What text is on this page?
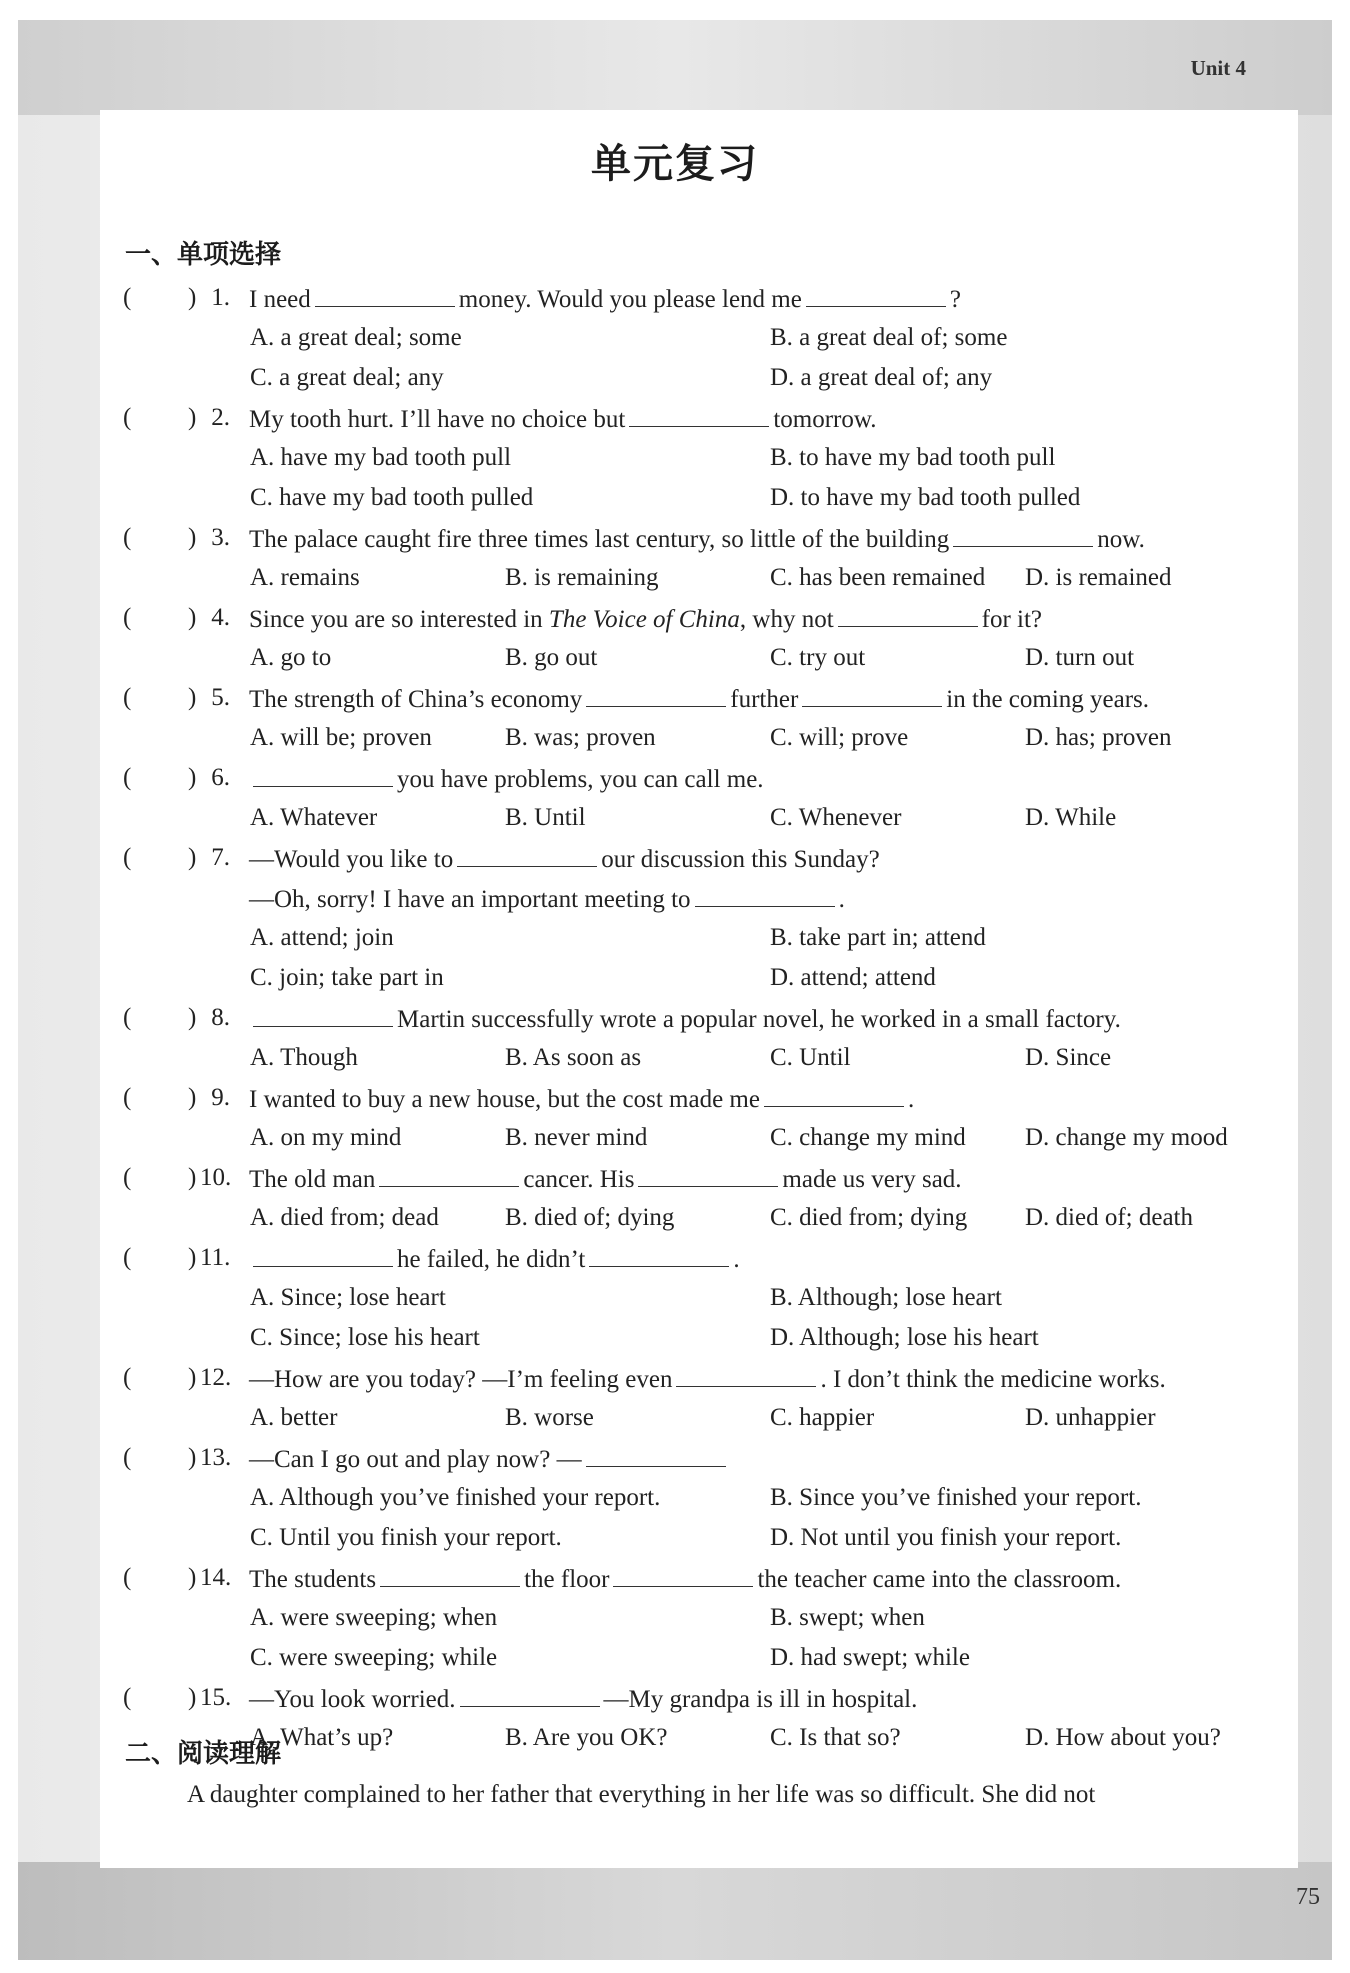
Unit 4
单元复习
一、单项选择
( ) 1. I need	money. Would you please lend me	?
A. a great deal; some	B. a great deal of; some
C. a great deal; any	D. a great deal of; any
( ) 2. My tooth hurt. I’ll have no choice but	tomorrow.
A. have my bad tooth pull	B. to have my bad tooth pull
C. have my bad tooth pulled	D. to have my bad tooth pulled
( ) 3. The palace caught fire three times last century, so little of the building	now.
A. remains	B. is remaining	C. has been remained D. is remained
( ) 4. Since you are so interested in The Voice of China, why not	for it?
A. go to	B. go out	C. try out	D. turn out
( ) 5. The strength of China’s economy	further	in the coming years.
A. will be; proven	B. was; proven	C. will; prove	D. has; proven
( ) 6.	you have problems, you can call me.
A. Whatever	B. Until	C. Whenever	D. While
( ) 7. —Would you like to	our discussion this Sunday?
—Oh, sorry! I have an important meeting to	.
A. attend; join	B. take part in; attend
C. join; take part in	D. attend; attend
( ) 8.	Martin successfully wrote a popular novel, he worked in a small factory.
A. Though	B. As soon as	C. Until	D. Since
( ) 9. I wanted to buy a new house, but the cost made me	.
A. on my mind	B. never mind	C. change my mind D. change my mood
( ) 10. The old man	cancer. His	made us very sad.
A. died from; dead	B. died of; dying	C. died from; dying D. died of; death
( ) 11.	he failed, he didn’t	.
A. Since; lose heart	B. Although; lose heart
C. Since; lose his heart	D. Although; lose his heart
( ) 12. —How are you today? —I’m feeling even	. I don’t think the medicine works.
A. better	B. worse	C. happier	D. unhappier
( ) 13. —Can I go out and play now? —
A. Although you’ve finished your report.	B. Since you’ve finished your report.
C. Until you finish your report.	D. Not until you finish your report.
( ) 14. The students	the floor	the teacher came into the classroom.
A. were sweeping; when	B. swept; when
C. were sweeping; while	D. had swept; while
( ) 15. —You look worried.	—My grandpa is ill in hospital.
A. What’s up?	B. Are you OK?	C. Is that so?	D. How about you?
二、阅读理解
A daughter complained to her father that everything in her life was so difficult. She did not
75
